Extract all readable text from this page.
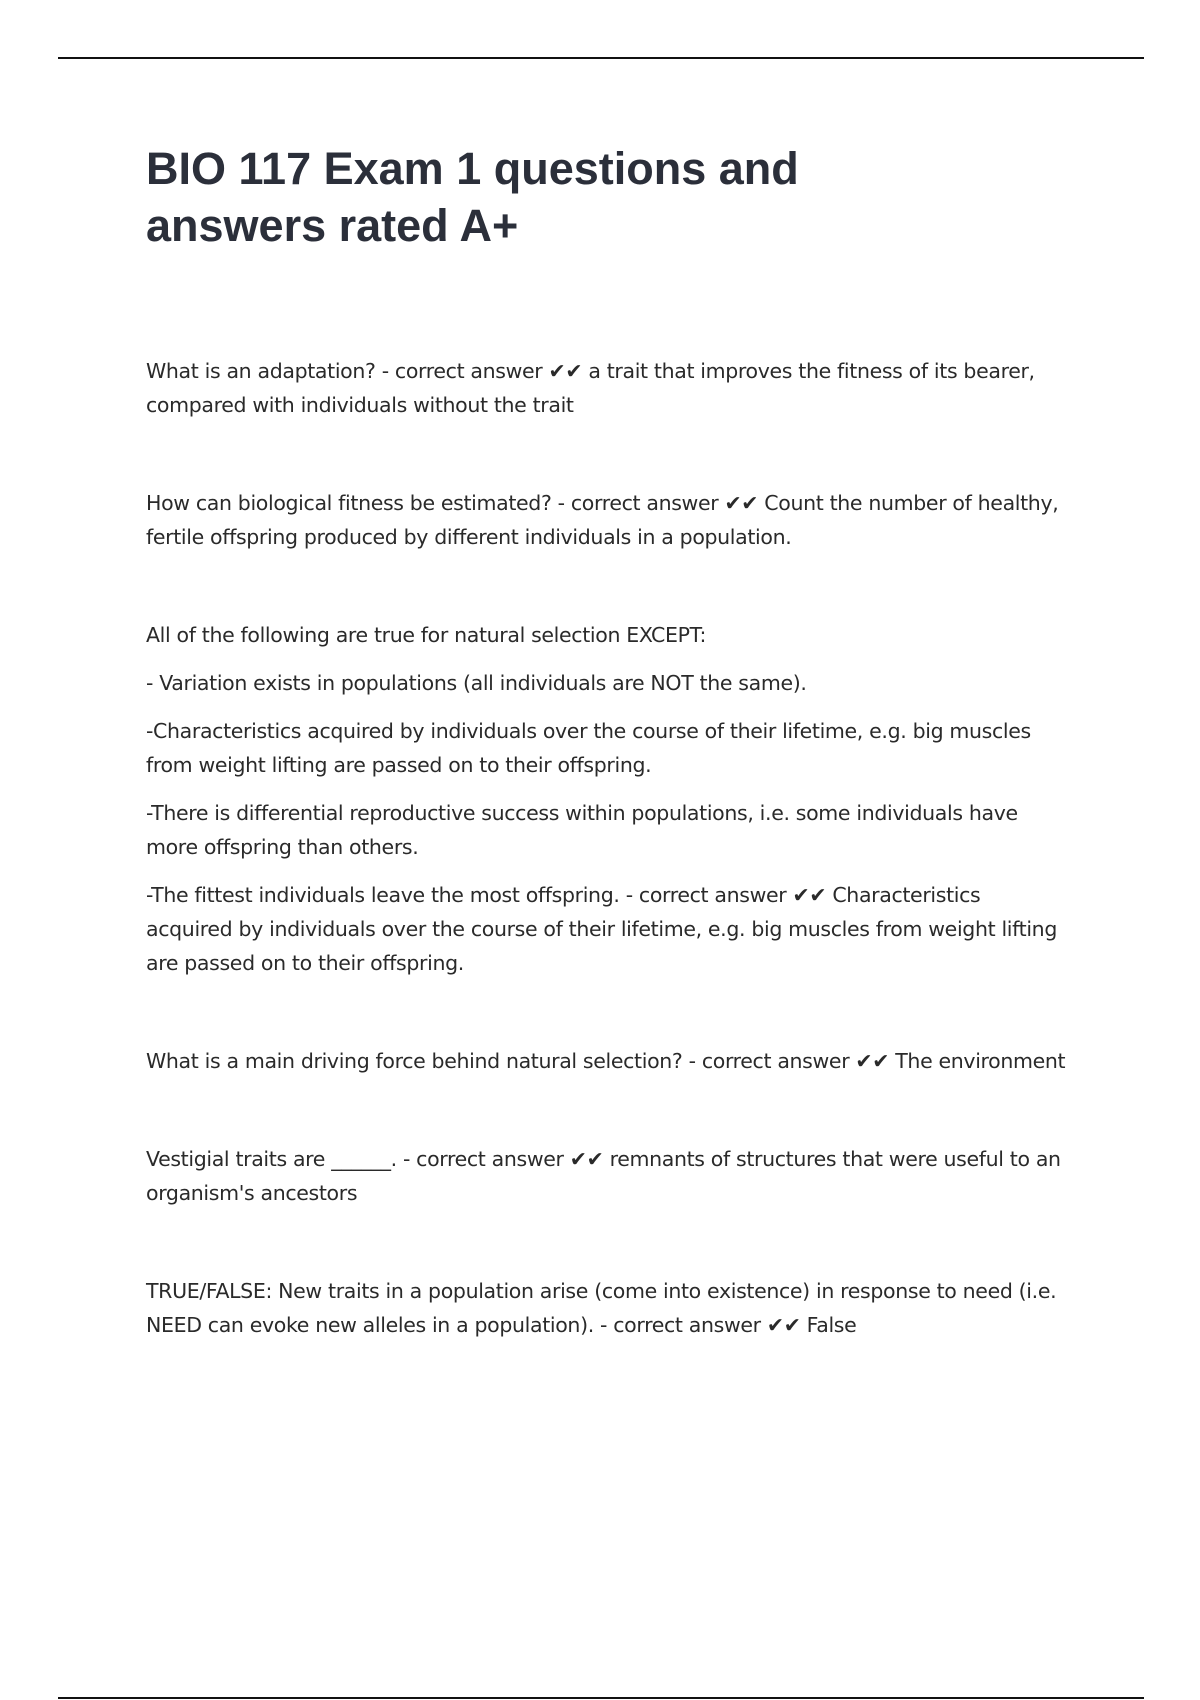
BIO 117 Exam 1 questions and answers rated A+

What is an adaptation? - correct answer ✔✔ a trait that improves the fitness of its bearer, compared with individuals without the trait

How can biological fitness be estimated? - correct answer ✔✔ Count the number of healthy, fertile offspring produced by different individuals in a population.

All of the following are true for natural selection EXCEPT:

- Variation exists in populations (all individuals are NOT the same).

-Characteristics acquired by individuals over the course of their lifetime, e.g. big muscles from weight lifting are passed on to their offspring.

-There is differential reproductive success within populations, i.e. some individuals have more offspring than others.

-The fittest individuals leave the most offspring. - correct answer ✔✔ Characteristics acquired by individuals over the course of their lifetime, e.g. big muscles from weight lifting are passed on to their offspring.

What is a main driving force behind natural selection? - correct answer ✔✔ The environment

Vestigial traits are ______. - correct answer ✔✔ remnants of structures that were useful to an organism's ancestors

TRUE/FALSE: New traits in a population arise (come into existence) in response to need (i.e. NEED can evoke new alleles in a population). - correct answer ✔✔ False
